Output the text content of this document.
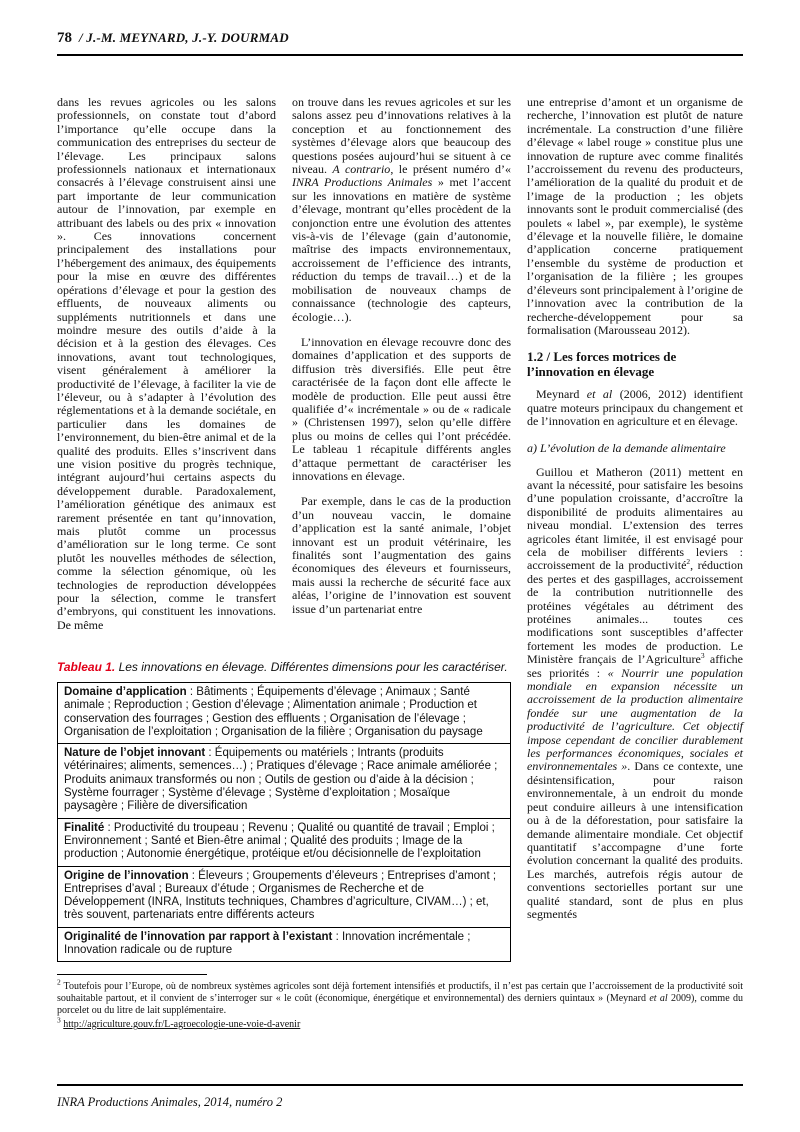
78 / J.-M. MEYNARD, J.-Y. DOURMAD

dans les revues agricoles ou les salons professionnels, on constate tout d’abord l’importance qu’elle occupe dans la communication des entreprises du secteur de l’élevage. Les principaux salons professionnels nationaux et internationaux consacrés à l’élevage construisent ainsi une part importante de leur communication autour de l’innovation, par exemple en attribuant des labels ou des prix « innovation ». Ces innovations concernent principalement des installations pour l’hébergement des animaux, des équipements pour la mise en œuvre des différentes opérations d’élevage et pour la gestion des effluents, de nouveaux aliments ou suppléments nutritionnels et dans une moindre mesure des outils d’aide à la décision et à la gestion des élevages. Ces innovations, avant tout technologiques, visent généralement à améliorer la productivité de l’élevage, à faciliter la vie de l’éleveur, ou à s’adapter à l’évolution des réglementations et à la demande sociétale, en particulier dans les domaines de l’environnement, du bien-être animal et de la qualité des produits. Elles s’inscrivent dans une vision positive du progrès technique, intégrant aujourd’hui certains aspects du développement durable. Paradoxalement, l’amélioration génétique des animaux est rarement présentée en tant qu’innovation, mais plutôt comme un processus d’amélioration sur le long terme. Ce sont plutôt les nouvelles méthodes de sélection, comme la sélection génomique, où les technologies de reproduction développées pour la sélection, comme le transfert d’embryons, qui constituent les innovations. De même

on trouve dans les revues agricoles et sur les salons assez peu d’innovations relatives à la conception et au fonctionnement des systèmes d’élevage alors que beaucoup des questions posées aujourd’hui se situent à ce niveau. A contrario, le présent numéro d’« INRA Productions Animales » met l’accent sur les innovations en matière de système d’élevage, montrant qu’elles procèdent de la conjonction entre une évolution des attentes vis-à-vis de l’élevage (gain d’autonomie, maîtrise des impacts environnementaux, accroissement de l’efficience des intrants, réduction du temps de travail…) et de la mobilisation de nouveaux champs de connaissance (technologie des capteurs, écologie…).

L’innovation en élevage recouvre donc des domaines d’application et des supports de diffusion très diversifiés. Elle peut être caractérisée de la façon dont elle affecte le modèle de production. Elle peut aussi être qualifiée d’« incrémentale » ou de « radicale » (Christensen 1997), selon qu’elle diffère plus ou moins de celles qui l’ont précédée. Le tableau 1 récapitule différents angles d’attaque permettant de caractériser les innovations en élevage.

Par exemple, dans le cas de la production d’un nouveau vaccin, le domaine d’application est la santé animale, l’objet innovant est un produit vétérinaire, les finalités sont l’augmentation des gains économiques des éleveurs et fournisseurs, mais aussi la recherche de sécurité face aux aléas, l’origine de l’innovation est souvent issue d’un partenariat entre

Tableau 1. Les innovations en élevage. Différentes dimensions pour les caractériser.
Domaine d’application : Bâtiments ; Équipements d’élevage ; Animaux ; Santé animale ; Reproduction ; Gestion d’élevage ; Alimentation animale ; Production et conservation des fourrages ; Gestion des effluents ; Organisation de l’élevage ; Organisation de l’exploitation ; Organisation de la filière ; Organisation du paysage
Nature de l’objet innovant : Équipements ou matériels ; Intrants (produits vétérinaires; aliments, semences…) ; Pratiques d’élevage ; Race animale améliorée ; Produits animaux transformés ou non ; Outils de gestion ou d’aide à la décision ; Système fourrager ; Système d’élevage ; Système d’exploitation ; Mosaïque paysagère ; Filière de diversification
Finalité : Productivité du troupeau ; Revenu ; Qualité ou quantité de travail ; Emploi ; Environnement ; Santé et Bien-être animal ; Qualité des produits ; Image de la production ; Autonomie énergétique, protéique et/ou décisionnelle de l’exploitation
Origine de l’innovation : Éleveurs ; Groupements d’éleveurs ; Entreprises d’amont ; Entreprises d’aval ; Bureaux d’étude ; Organismes de Recherche et de Développement (INRA, Instituts techniques, Chambres d’agriculture, CIVAM…) ; et, très souvent, partenariats entre différents acteurs
Originalité de l’innovation par rapport à l’existant : Innovation incrémentale ; Innovation radicale ou de rupture

une entreprise d’amont et un organisme de recherche, l’innovation est plutôt de nature incrémentale. La construction d’une filière d’élevage « label rouge » constitue plus une innovation de rupture avec comme finalités l’accroissement du revenu des producteurs, l’amélioration de la qualité du produit et de l’image de la production ; les objets innovants sont le produit commercialisé (des poulets « label », par exemple), le système d’élevage et la nouvelle filière, le domaine d’application concerne pratiquement l’ensemble du système de production et l’organisation de la filière ; les groupes d’éleveurs sont principalement à l’origine de l’innovation avec la contribution de la recherche-développement pour sa formalisation (Marousseau 2012).

1.2 / Les forces motrices de l’innovation en élevage

Meynard et al (2006, 2012) identifient quatre moteurs principaux du changement et de l’innovation en agriculture et en élevage.

a) L’évolution de la demande alimentaire

Guillou et Matheron (2011) mettent en avant la nécessité, pour satisfaire les besoins d’une population croissante, d’accroître la disponibilité de produits alimentaires au niveau mondial. L’extension des terres agricoles étant limitée, il est envisagé pour cela de mobiliser différents leviers : accroissement de la productivité$^2$, réduction des pertes et des gaspillages, accroissement de la contribution nutritionnelle des protéines végétales au détriment des protéines animales... toutes ces modifications sont susceptibles d’affecter fortement les modes de production. Le Ministère français de l’Agriculture$^3$ affiche ses priorités : « Nourrir une population mondiale en expansion nécessite un accroissement de la production alimentaire fondée sur une augmentation de la productivité de l’agriculture. Cet objectif impose cependant de concilier durablement les performances économiques, sociales et environnementales ». Dans ce contexte, une désintensification, pour raison environnementale, à un endroit du monde peut conduire ailleurs à une intensification ou à de la déforestation, pour satisfaire la demande alimentaire mondiale. Cet objectif quantitatif s’accompagne d’une forte évolution concernant la qualité des produits. Les marchés, autrefois régis autour de conventions sectorielles portant sur une qualité standard, sont de plus en plus segmentés

$^2$ Toutefois pour l’Europe, où de nombreux systèmes agricoles sont déjà fortement intensifiés et productifs, il n’est pas certain que l’accroissement de la productivité soit souhaitable partout, et il convient de s’interroger sur « le coût (économique, énergétique et environnemental) des derniers quintaux » (Meynard et al 2009), comme du porcelet ou du litre de lait supplémentaire.

$^3$ http://agriculture.gouv.fr/L-agroecologie-une-voie-d-avenir

INRA Productions Animales, 2014, numéro 2
